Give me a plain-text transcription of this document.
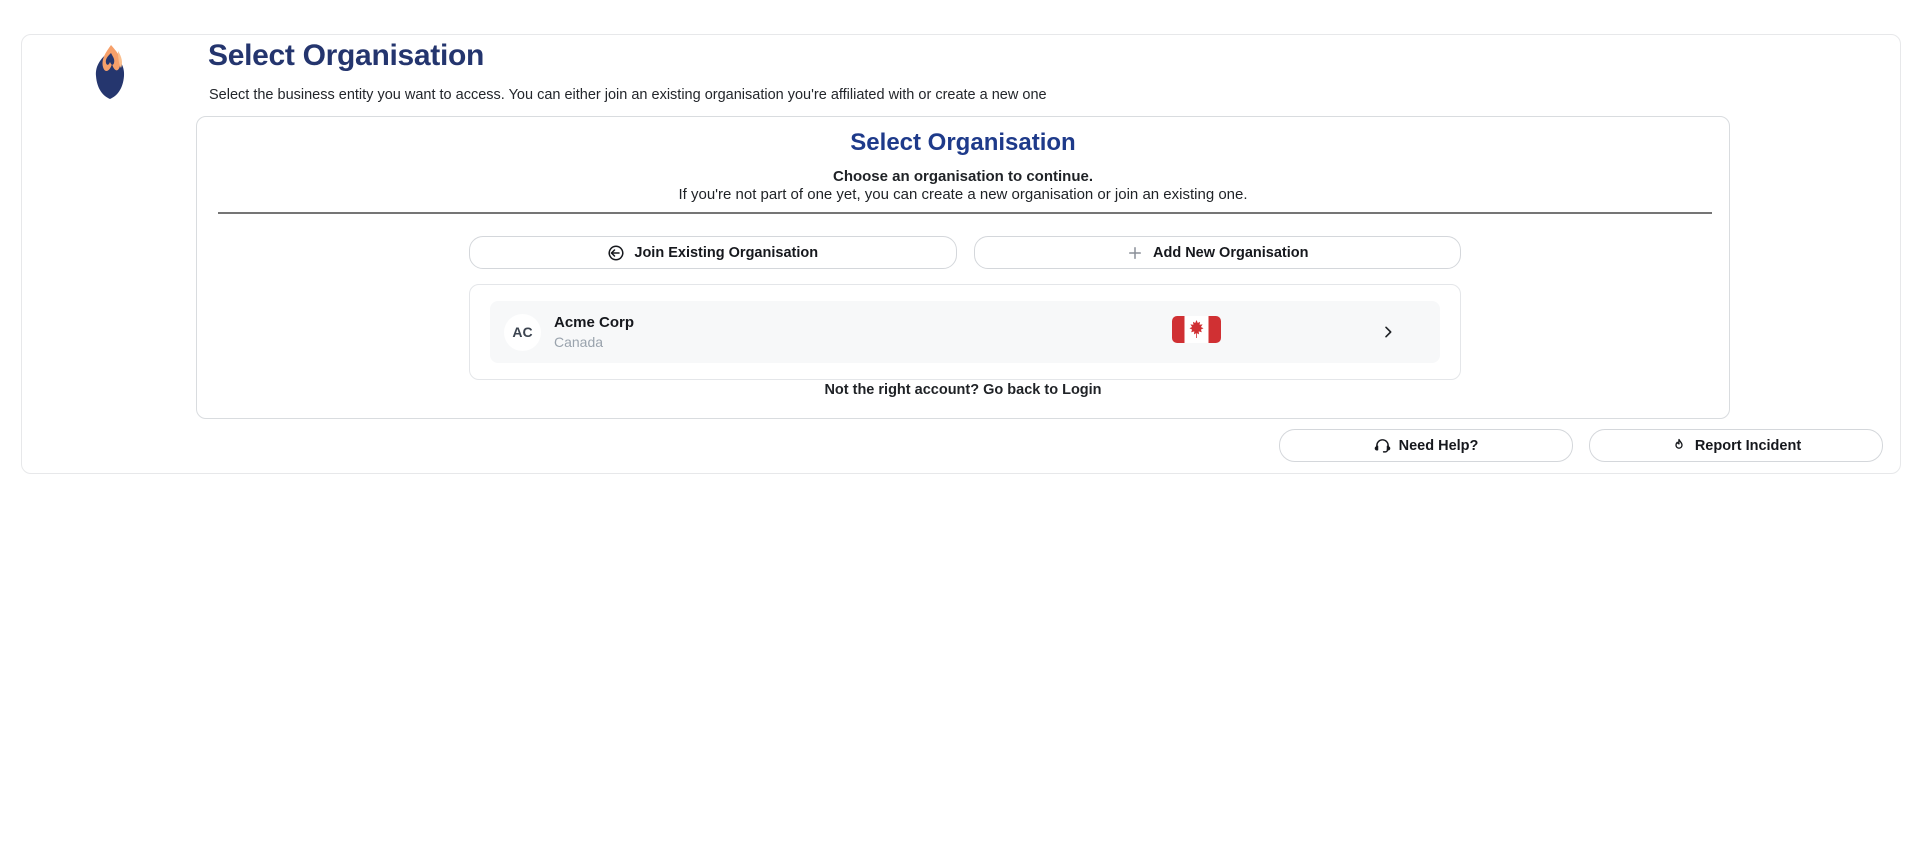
Select Organisation
Select the business entity you want to access. You can either join an existing organisation you're affiliated with or create a new one
Select Organisation
Choose an organisation to continue.
If you're not part of one yet, you can create a new organisation or join an existing one.
Join Existing Organisation	Add New Organisation
AC
Acme Corp
Canada
Not the right account? Go back to Login
Need Help?	Report Incident
